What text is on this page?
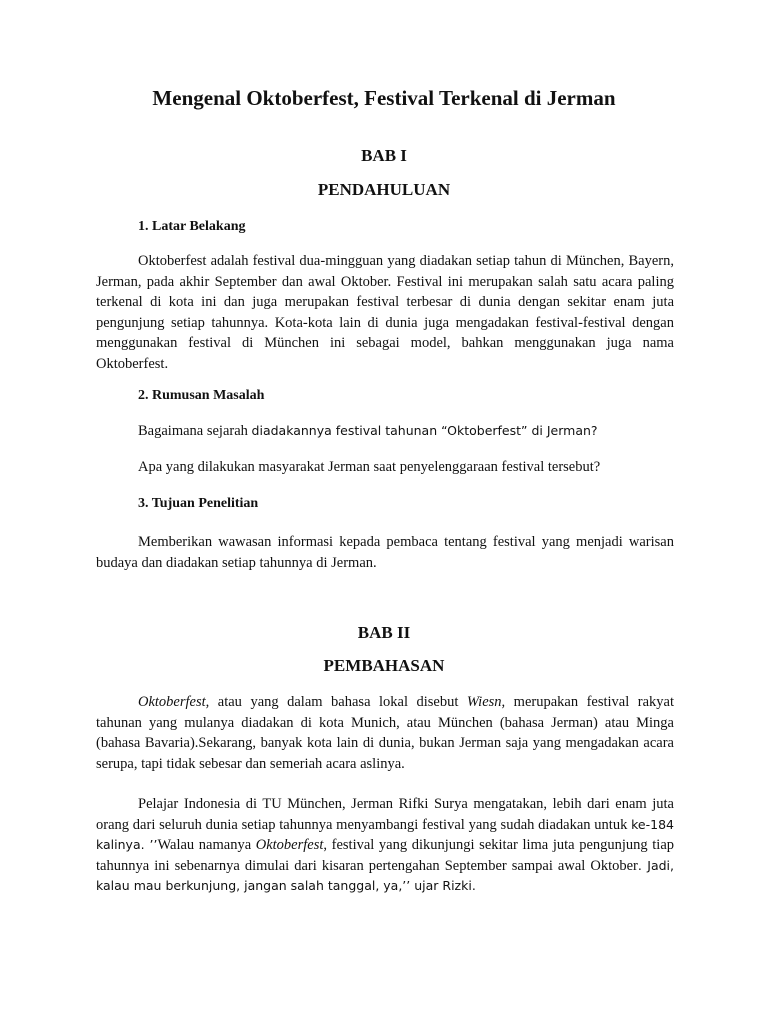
Mengenal Oktoberfest, Festival Terkenal di Jerman
BAB I
PENDAHULUAN
1. Latar Belakang

Oktoberfest adalah festival dua-mingguan yang diadakan setiap tahun di München, Bayern, Jerman, pada akhir September dan awal Oktober. Festival ini merupakan salah satu acara paling terkenal di kota ini dan juga merupakan festival terbesar di dunia dengan sekitar enam juta pengunjung setiap tahunnya. Kota-kota lain di dunia juga mengadakan festival-festival dengan menggunakan festival di München ini sebagai model, bahkan menggunakan juga nama Oktoberfest.

2. Rumusan Masalah

Bagaimana sejarah diadakannya festival tahunan “Oktoberfest” di Jerman?

Apa yang dilakukan masyarakat Jerman saat penyelenggaraan festival tersebut?

3. Tujuan Penelitian

Memberikan wawasan informasi kepada pembaca tentang festival yang menjadi warisan budaya dan diadakan setiap tahunnya di Jerman.

BAB II
PEMBAHASAN

Oktoberfest, atau yang dalam bahasa lokal disebut Wiesn, merupakan festival rakyat tahunan yang mulanya diadakan di kota Munich, atau München (bahasa Jerman) atau Minga (bahasa Bavaria).Sekarang, banyak kota lain di dunia, bukan Jerman saja yang mengadakan acara serupa, tapi tidak sebesar dan semeriah acara aslinya.

Pelajar Indonesia di TU München, Jerman Rifki Surya mengatakan, lebih dari enam juta orang dari seluruh dunia setiap tahunnya menyambangi festival yang sudah diadakan untuk ke-184 kalinya. ’’Walau namanya Oktoberfest, festival yang dikunjungi sekitar lima juta pengunjung tiap tahunnya ini sebenarnya dimulai dari kisaran pertengahan September sampai awal Oktober. Jadi, kalau mau berkunjung, jangan salah tanggal, ya,’’ ujar Rizki.
